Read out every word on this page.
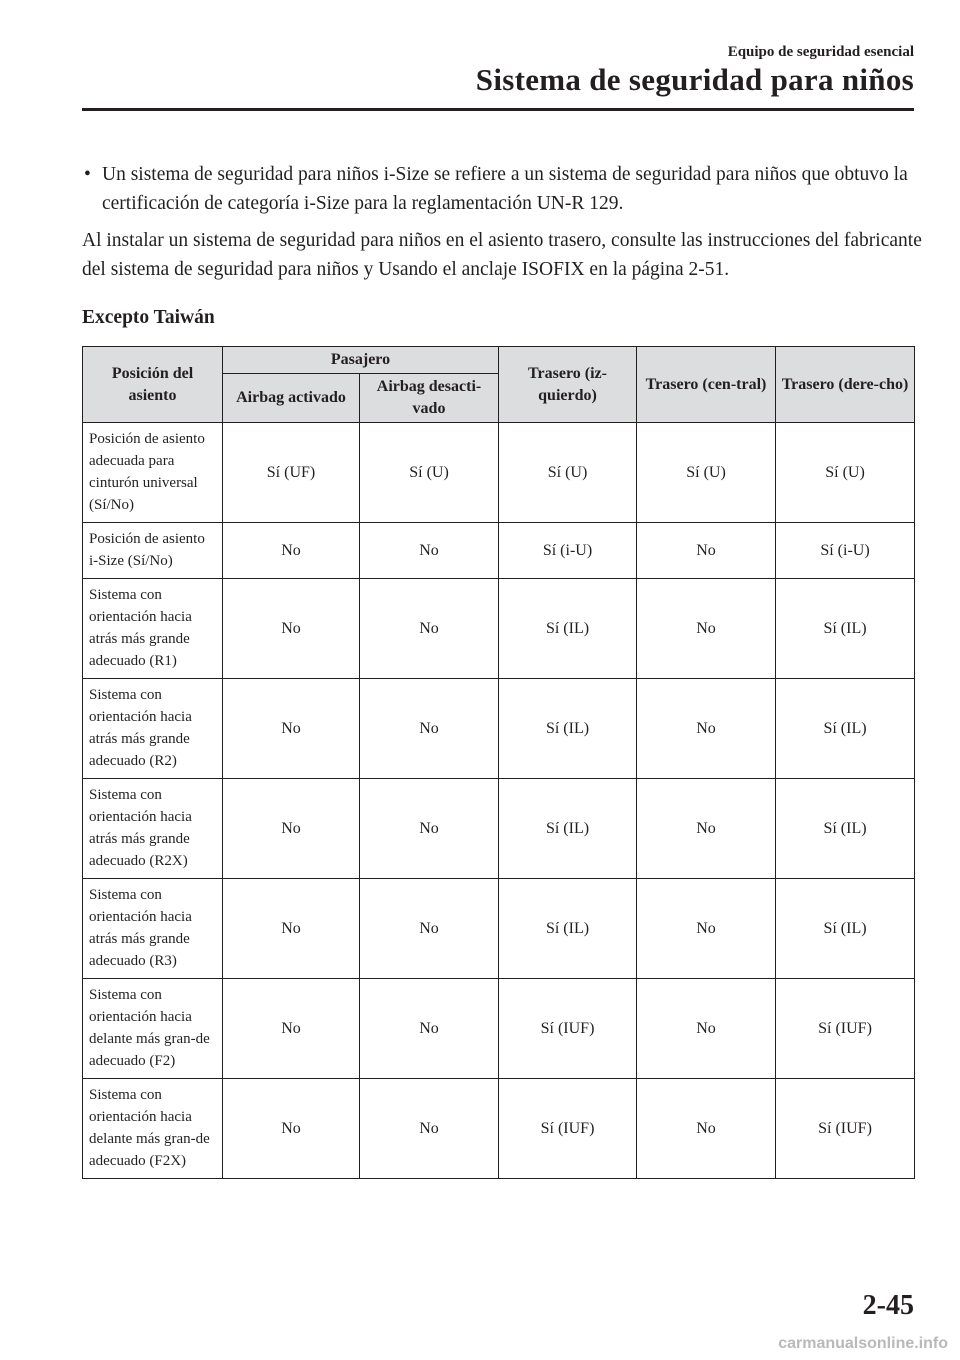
Equipo de seguridad esencial
Sistema de seguridad para niños
• Un sistema de seguridad para niños i-Size se refiere a un sistema de seguridad para niños que obtuvo la certificación de categoría i-Size para la reglamentación UN-R 129.
Al instalar un sistema de seguridad para niños en el asiento trasero, consulte las instrucciones del fabricante del sistema de seguridad para niños y Usando el anclaje ISOFIX en la página 2-51.
Excepto Taiwán
Posición del asiento	Pasajero		Trasero (iz-quierdo)	Trasero (cen-tral)	Trasero (dere-cho)
	Airbag activado	Airbag desacti-vado			
Posición de asiento adecuada para cinturón universal (Sí/No)	Sí (UF)	Sí (U)	Sí (U)	Sí (U)	Sí (U)
Posición de asiento i-Size (Sí/No)	No	No	Sí (i-U)	No	Sí (i-U)
Sistema con orientación hacia atrás más grande adecuado (R1)	No	No	Sí (IL)	No	Sí (IL)
Sistema con orientación hacia atrás más grande adecuado (R2)	No	No	Sí (IL)	No	Sí (IL)
Sistema con orientación hacia atrás más grande adecuado (R2X)	No	No	Sí (IL)	No	Sí (IL)
Sistema con orientación hacia atrás más grande adecuado (R3)	No	No	Sí (IL)	No	Sí (IL)
Sistema con orientación hacia delante más gran-de adecuado (F2)	No	No	Sí (IUF)	No	Sí (IUF)
Sistema con orientación hacia delante más gran-de adecuado (F2X)	No	No	Sí (IUF)	No	Sí (IUF)
2-45
carmanualsonline.info
